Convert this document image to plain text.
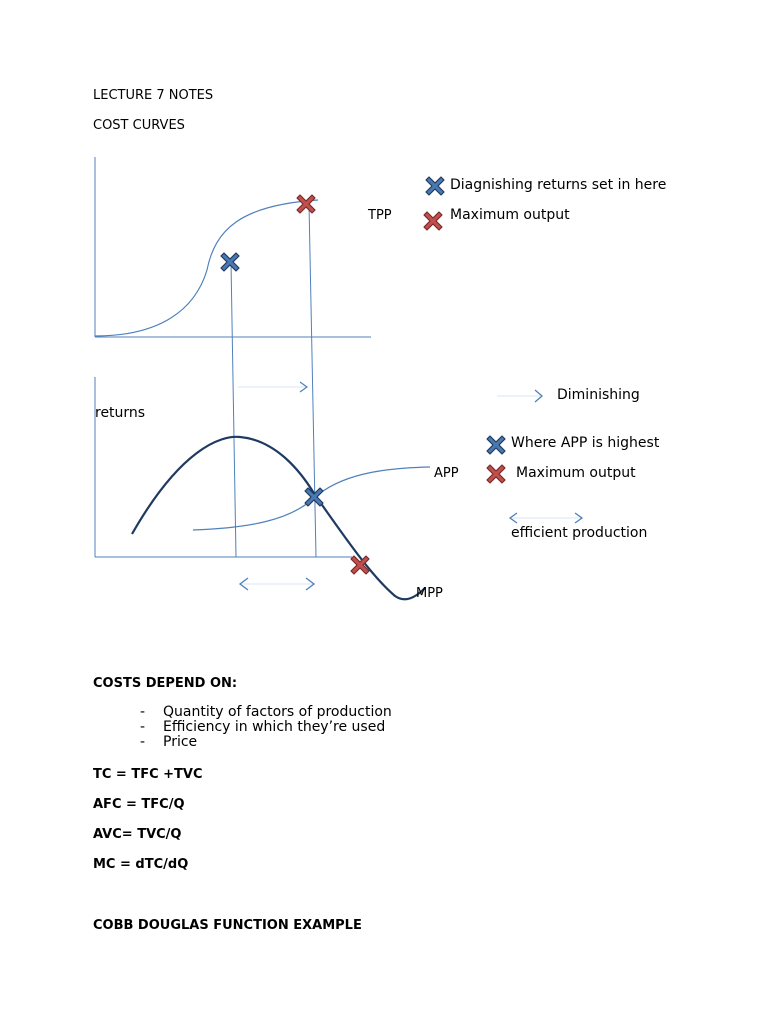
LECTURE 7 NOTES
COST CURVES
Diagnishing returns set in here
Maximum output
TPP
Diminishing
returns
Where APP is highest
Maximum output
APP
efficient production
MPP
COSTS DEPEND ON:
- Quantity of factors of production
- Efficiency in which they’re used
- Price
TC = TFC +TVC
AFC = TFC/Q
AVC= TVC/Q
MC = dTC/dQ
COBB DOUGLAS FUNCTION EXAMPLE
